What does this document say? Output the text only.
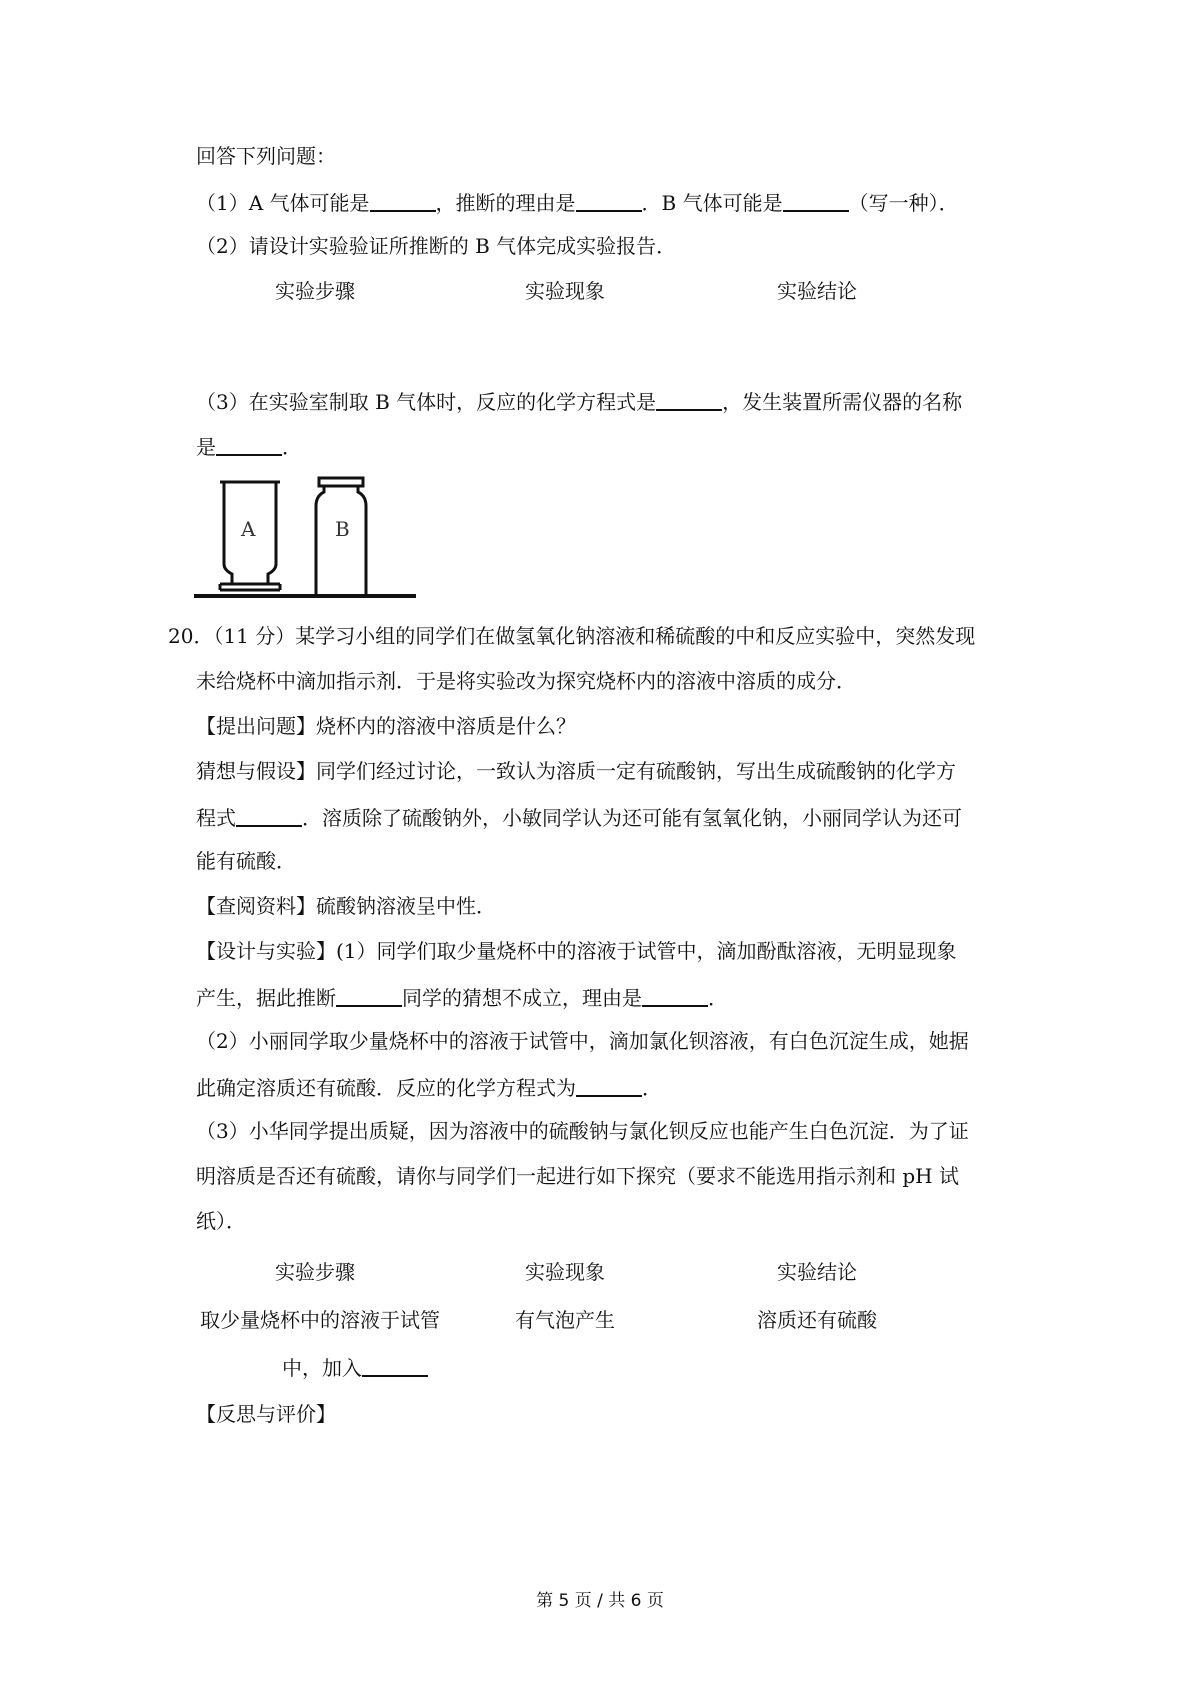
回答下列问题：
（1）A 气体可能是	，推断的理由是	．B 气体可能是	（写一种）．
（2）请设计实验验证所推断的 B 气体完成实验报告．
实验步骤	实验现象	实验结论
（3）在实验室制取 B 气体时，反应的化学方程式是	，发生装置所需仪器的名称
是	．
A	B
20．（11 分）某学习小组的同学们在做氢氧化钠溶液和稀硫酸的中和反应实验中，突然发现
未给烧杯中滴加指示剂．于是将实验改为探究烧杯内的溶液中溶质的成分．
【提出问题】烧杯内的溶液中溶质是什么？
猜想与假设】同学们经过讨论，一致认为溶质一定有硫酸钠，写出生成硫酸钠的化学方
程式	．溶质除了硫酸钠外，小敏同学认为还可能有氢氧化钠，小丽同学认为还可
能有硫酸．
【查阅资料】硫酸钠溶液呈中性．
【设计与实验】(1）同学们取少量烧杯中的溶液于试管中，滴加酚酞溶液，无明显现象
产生，据此推断	同学的猜想不成立，理由是	．
（2）小丽同学取少量烧杯中的溶液于试管中，滴加氯化钡溶液，有白色沉淀生成，她据
此确定溶质还有硫酸．反应的化学方程式为	．
（3）小华同学提出质疑，因为溶液中的硫酸钠与氯化钡反应也能产生白色沉淀．为了证
明溶质是否还有硫酸，请你与同学们一起进行如下探究（要求不能选用指示剂和 pH 试
纸）．
实验步骤	实验现象	实验结论
取少量烧杯中的溶液于试管	有气泡产生	溶质还有硫酸
中，加入
【反思与评价】
第 5 页 / 共 6 页
